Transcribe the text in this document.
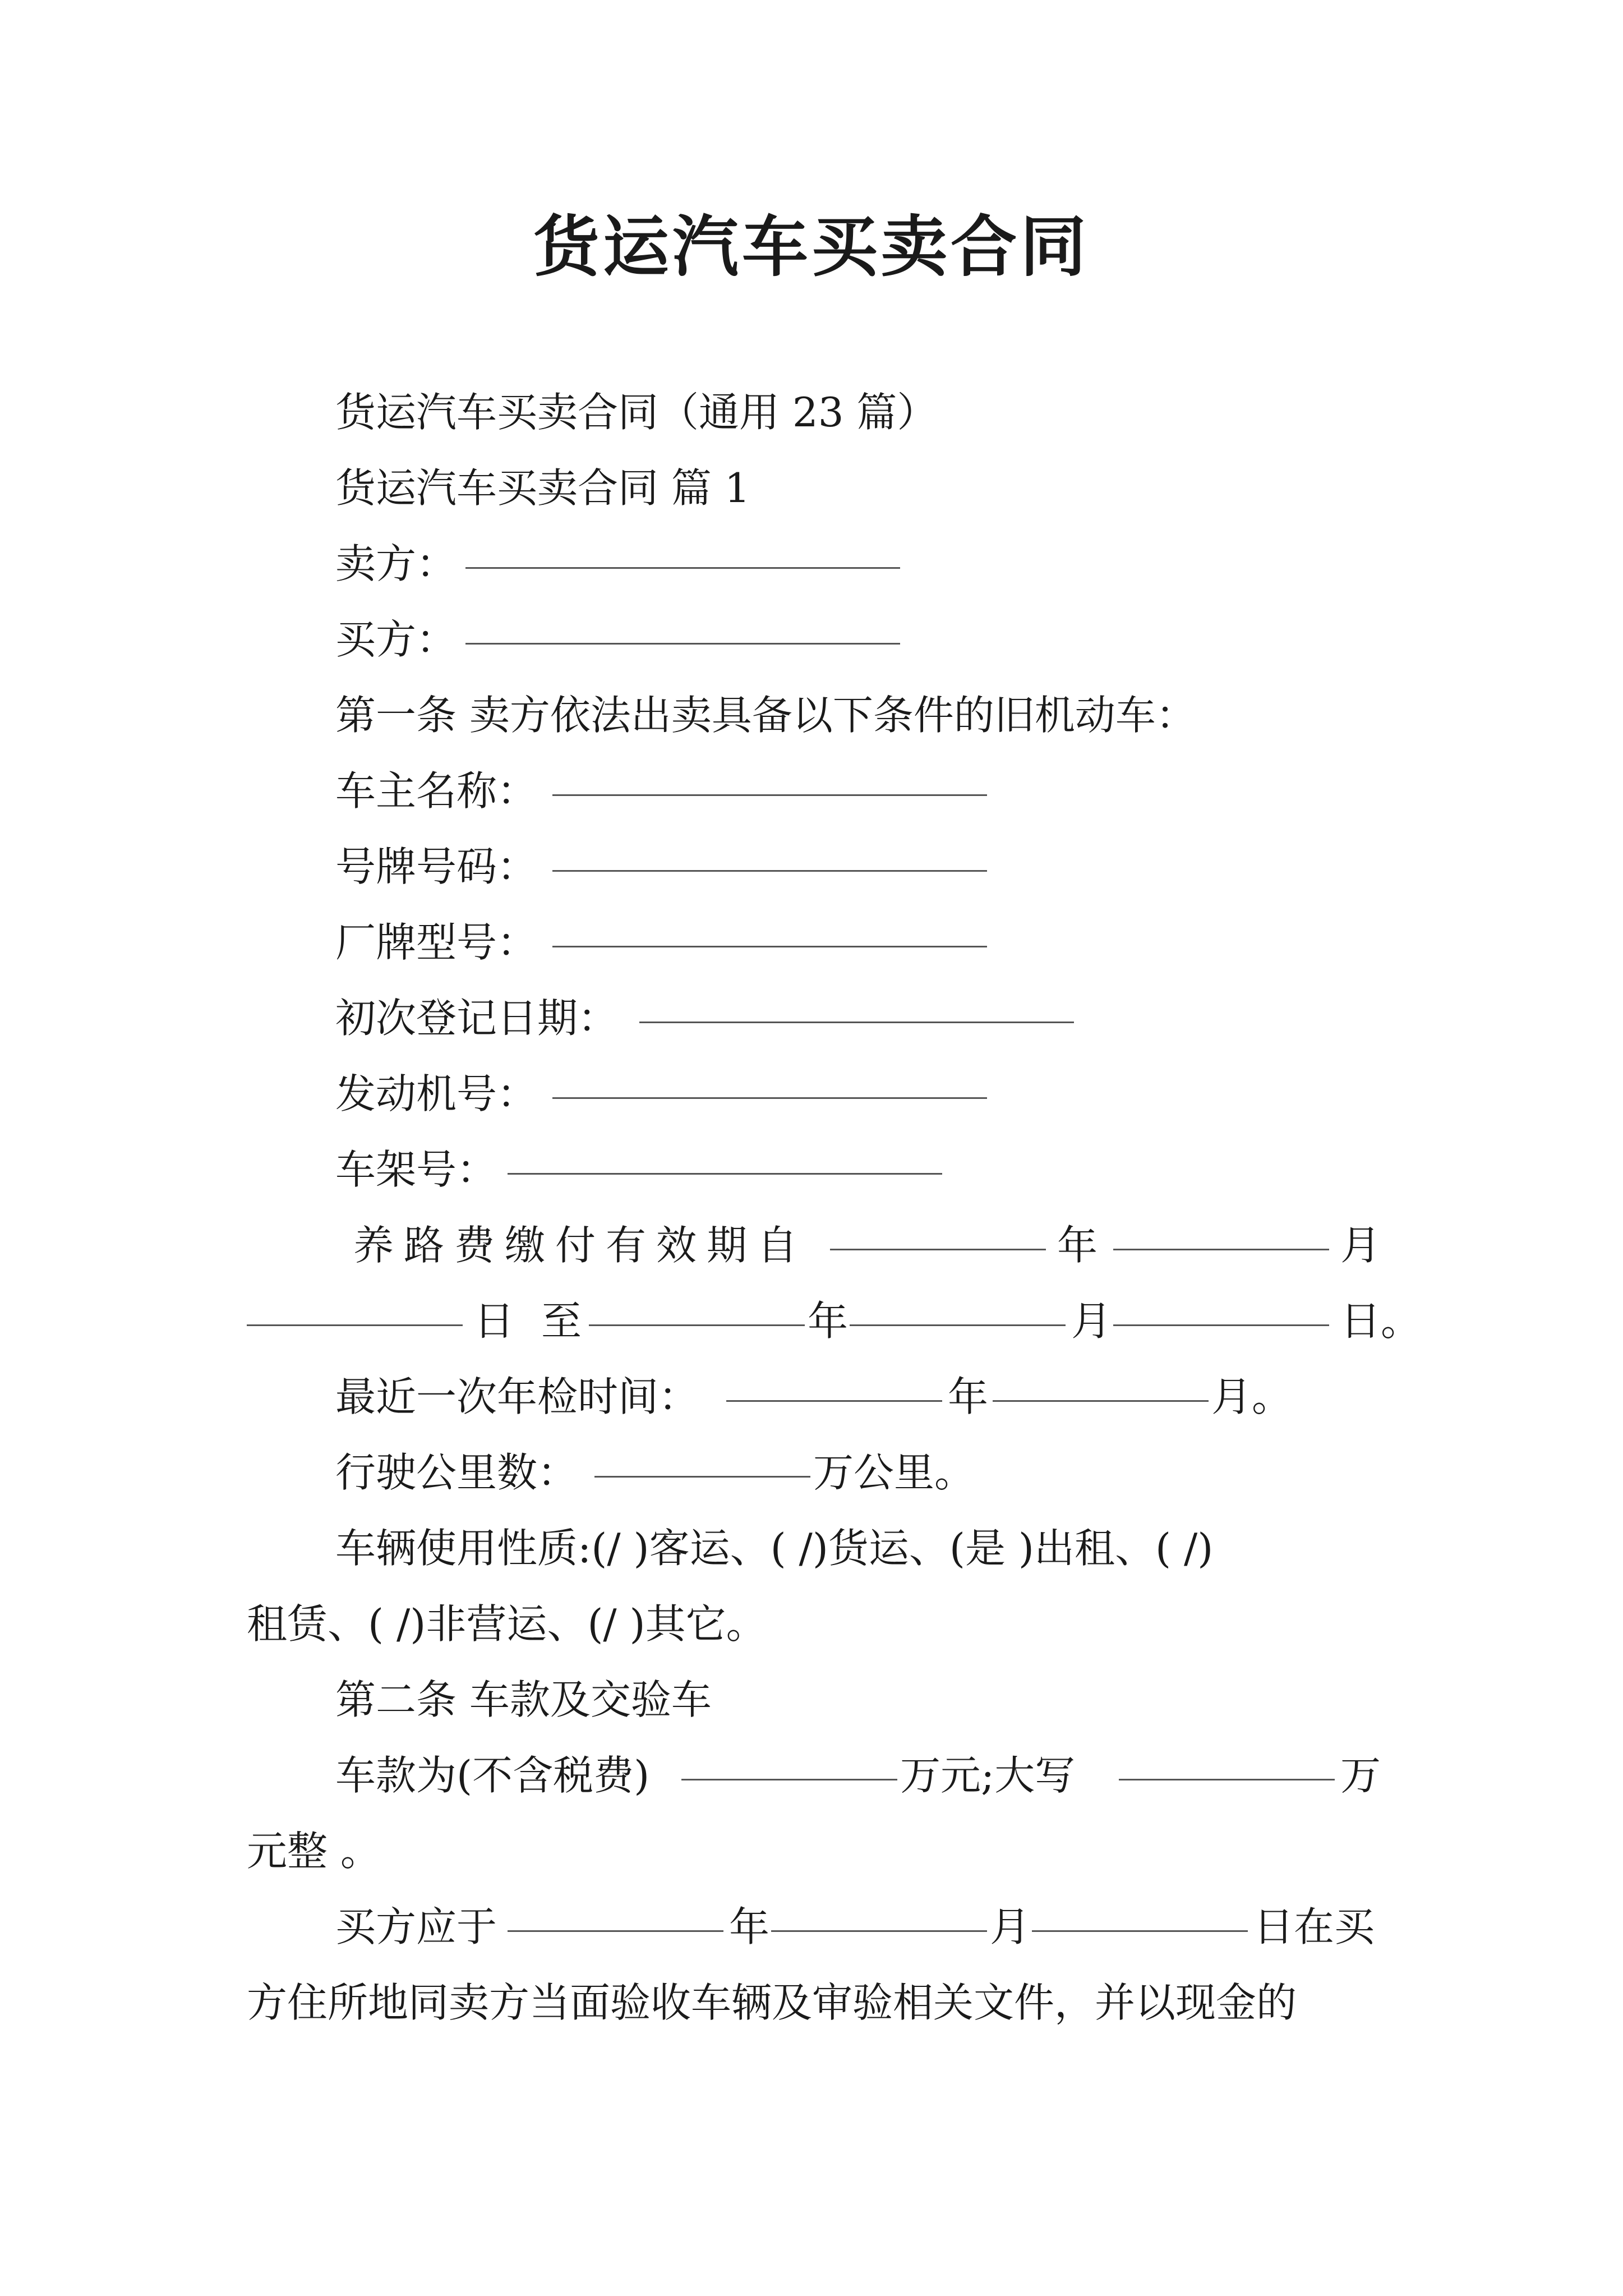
货运汽车买卖合同
货运汽车买卖合同（通用 23 篇）
货运汽车买卖合同 篇 1
卖方：
买方：
第一条 卖方依法出卖具备以下条件的旧机动车：
车主名称：
号牌号码：
厂牌型号：
初次登记日期：
发动机号：
车架号：
养路费缴付有效期自	年	月
日 至	年	月	日。
最近一次年检时间：	年	月。
行驶公里数：	万公里。
车辆使用性质:(/ )客运、( /)货运、(是 )出租、( /)
租赁、( /)非营运、(/ )其它。
第二条 车款及交验车
车款为(不含税费)	万元;大写	万
元整 。
买方应于	年	月	日在买
方住所地同卖方当面验收车辆及审验相关文件，并以现金的
